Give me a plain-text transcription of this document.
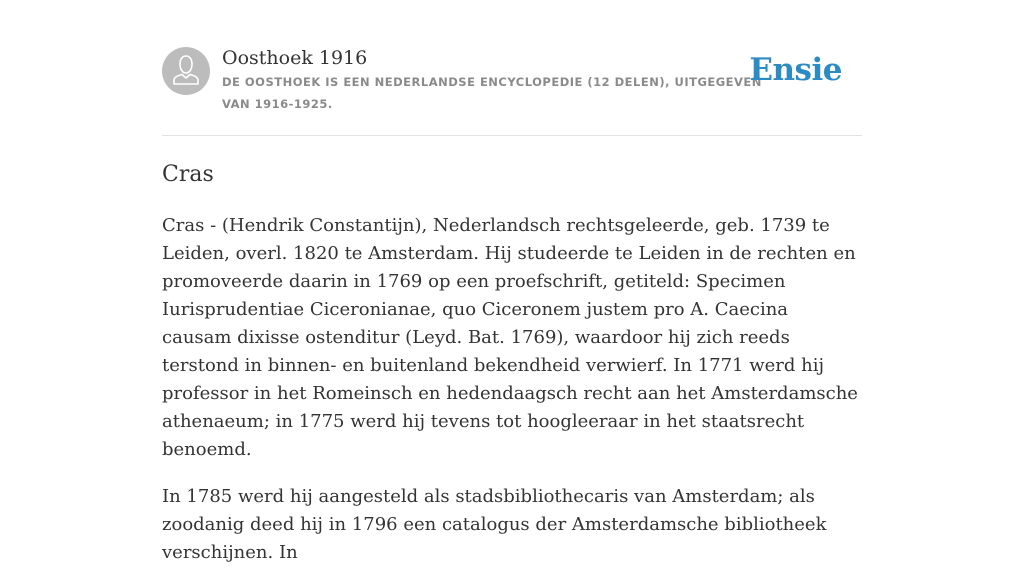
Oosthoek 1916
DE OOSTHOEK IS EEN NEDERLANDSE ENCYCLOPEDIE (12 DELEN), UITGEGEVEN VAN 1916-1925.
Ensie
Cras

Cras - (Hendrik Constantijn), Nederlandsch rechtsgeleerde, geb. 1739 te Leiden, overl. 1820 te Amsterdam. Hij studeerde te Leiden in de rechten en promoveerde daarin in 1769 op een proefschrift, getiteld: Specimen Iurisprudentiae Ciceronianae, quo Ciceronem justem pro A. Caecina causam dixisse ostenditur (Leyd. Bat. 1769), waardoor hij zich reeds terstond in binnen- en buitenland bekendheid verwierf. In 1771 werd hij professor in het Romeinsch en hedendaagsch recht aan het Amsterdamsche athenaeum; in 1775 werd hij tevens tot hoogleeraar in het staatsrecht benoemd.

In 1785 werd hij aangesteld als stadsbibliothecaris van Amsterdam; als zoodanig deed hij in 1796 een catalogus der Amsterdamsche bibliotheek verschijnen. In
